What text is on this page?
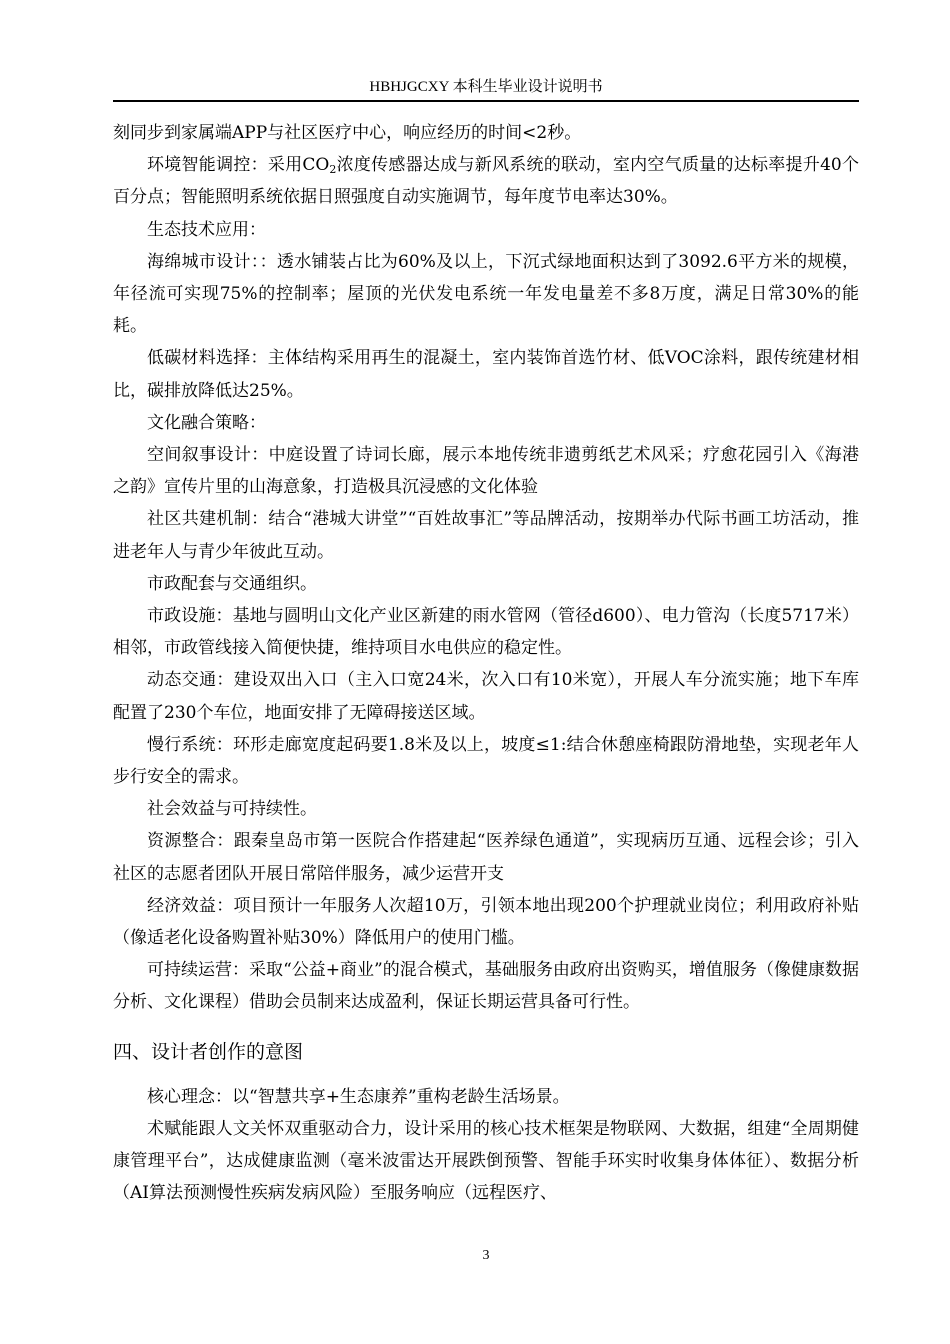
HBHJGCXY 本科生毕业设计说明书

刻同步到家属端APP与社区医疗中心，响应经历的时间<2秒。

环境智能调控：采用$CO_2$浓度传感器达成与新风系统的联动，室内空气质量的达标率提升40个百分点；智能照明系统依据日照强度自动实施调节，每年度节电率达30%。

生态技术应用：

海绵城市设计：：透水铺装占比为60%及以上，下沉式绿地面积达到了3092.6平方米的规模，年径流可实现75%的控制率；屋顶的光伏发电系统一年发电量差不多8万度，满足日常30%的能耗。

低碳材料选择：主体结构采用再生的混凝土，室内装饰首选竹材、低VOC涂料，跟传统建材相比，碳排放降低达25%。

文化融合策略：

空间叙事设计：中庭设置了诗词长廊，展示本地传统非遗剪纸艺术风采；疗愈花园引入《海港之韵》宣传片里的山海意象，打造极具沉浸感的文化体验

社区共建机制：结合“港城大讲堂”“百姓故事汇”等品牌活动，按期举办代际书画工坊活动，推进老年人与青少年彼此互动。

市政配套与交通组织。

市政设施：基地与圆明山文化产业区新建的雨水管网（管径d600）、电力管沟（长度5717米）相邻，市政管线接入简便快捷，维持项目水电供应的稳定性。

动态交通：建设双出入口（主入口宽24米，次入口有10米宽），开展人车分流实施；地下车库配置了230个车位，地面安排了无障碍接送区域。

慢行系统：环形走廊宽度起码要1.8米及以上，坡度≤1:结合休憩座椅跟防滑地垫，实现老年人步行安全的需求。

社会效益与可持续性。

资源整合：跟秦皇岛市第一医院合作搭建起“医养绿色通道”，实现病历互通、远程会诊；引入社区的志愿者团队开展日常陪伴服务，减少运营开支

经济效益：项目预计一年服务人次超10万，引领本地出现200个护理就业岗位；利用政府补贴（像适老化设备购置补贴30%）降低用户的使用门槛。

可持续运营：采取“公益+商业”的混合模式，基础服务由政府出资购买，增值服务（像健康数据分析、文化课程）借助会员制来达成盈利，保证长期运营具备可行性。

四、设计者创作的意图

核心理念：以“智慧共享+生态康养”重构老龄生活场景。

术赋能跟人文关怀双重驱动合力，设计采用的核心技术框架是物联网、大数据，组建“全周期健康管理平台”，达成健康监测（毫米波雷达开展跌倒预警、智能手环实时收集身体体征）、数据分析（AI算法预测慢性疾病发病风险）至服务响应（远程医疗、

3
